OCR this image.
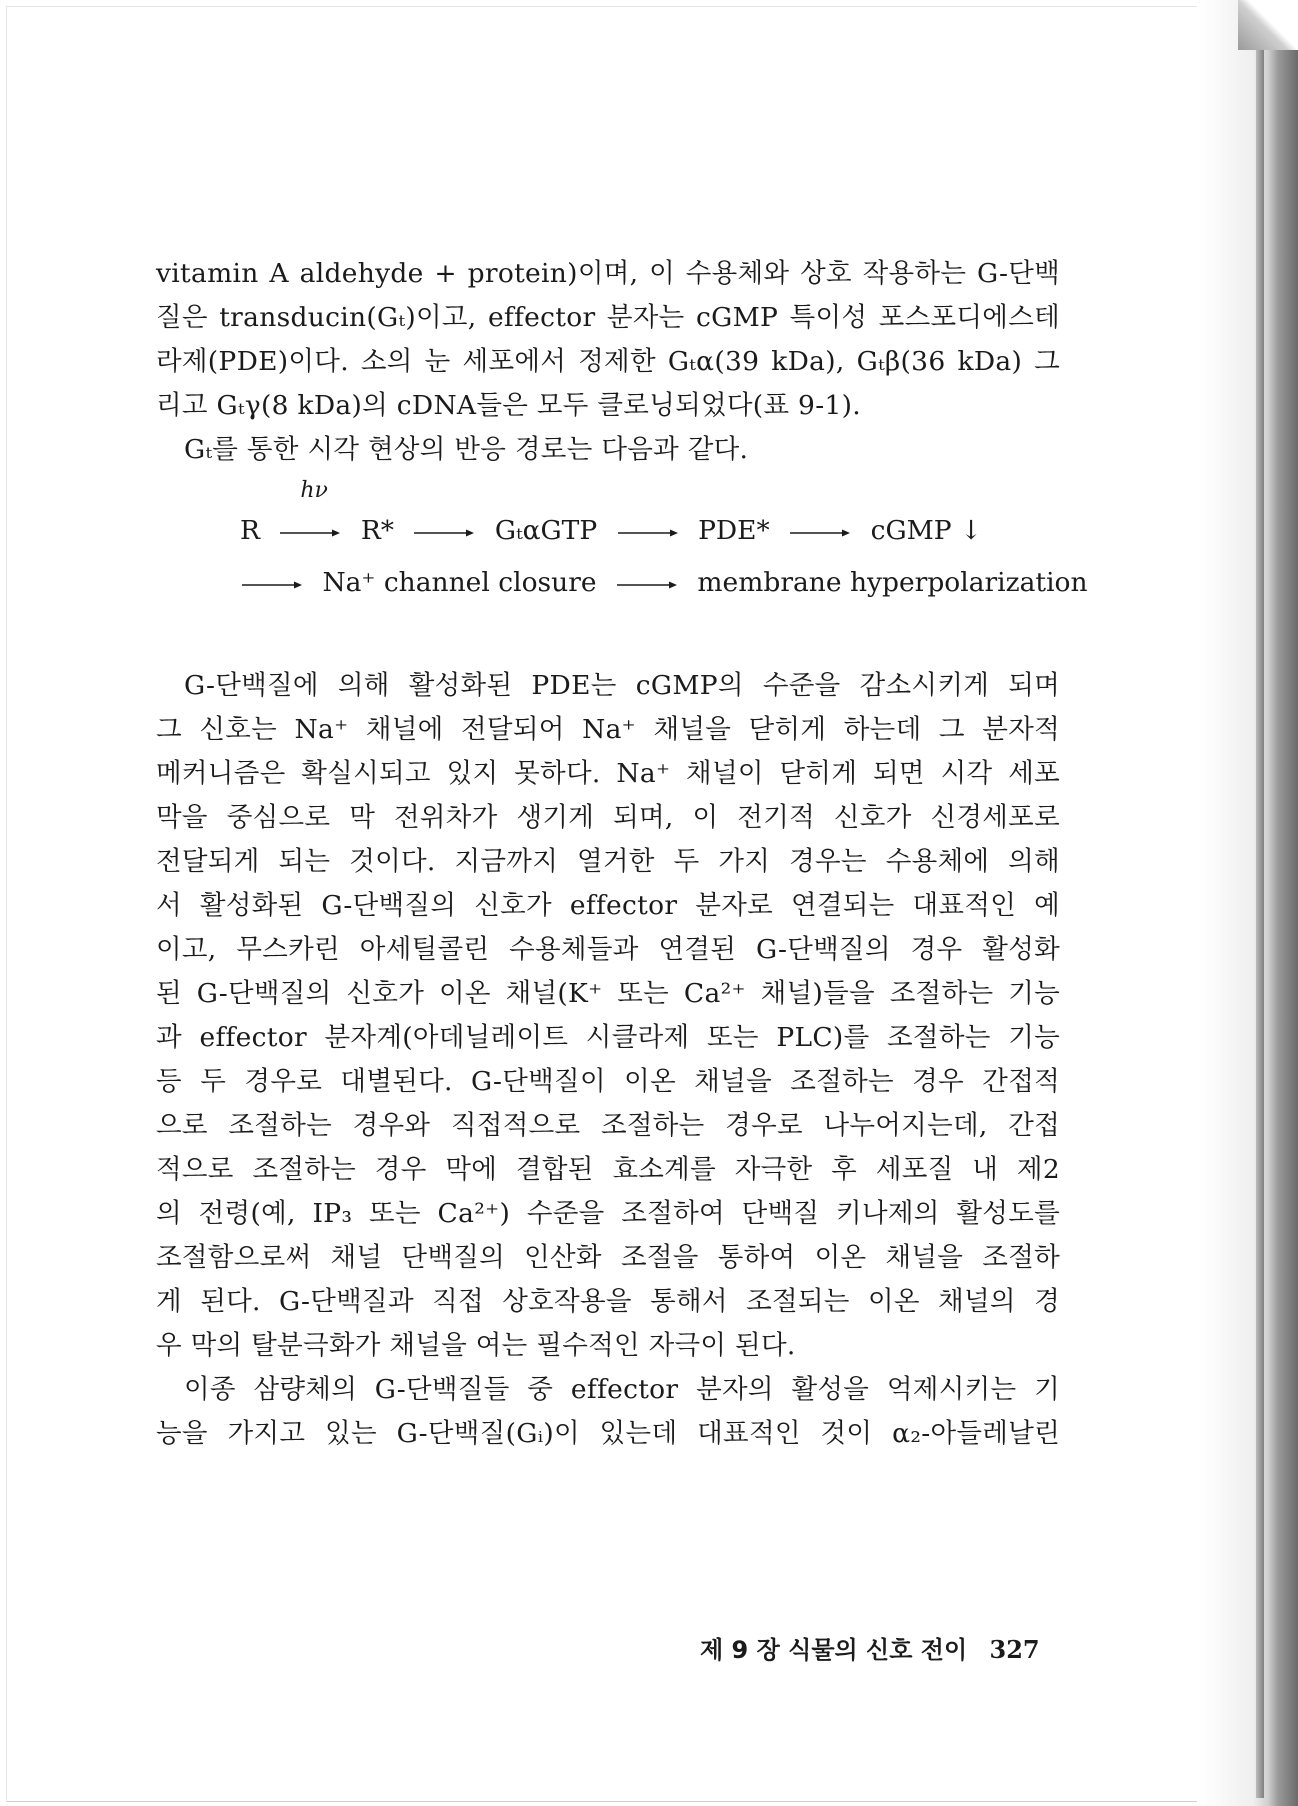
vitamin A aldehyde + protein)이며, 이 수용체와 상호 작용하는 G-단백
질은 transducin(Gₜ)이고, effector 분자는 cGMP 특이성 포스포디에스테
라제(PDE)이다. 소의 눈 세포에서 정제한 Gₜα(39 kDa), Gₜβ(36 kDa) 그
리고 Gₜγ(8 kDa)의 cDNA들은 모두 클로닝되었다(표 9-1).
Gₜ를 통한 시각 현상의 반응 경로는 다음과 같다.
R
hν
R*	GₜαGTP	PDE*	cGMP ↓
Na⁺ channel closure	membrane hyperpolarization
G-단백질에 의해 활성화된 PDE는 cGMP의 수준을 감소시키게 되며
그 신호는 Na⁺ 채널에 전달되어 Na⁺ 채널을 닫히게 하는데 그 분자적
메커니즘은 확실시되고 있지 못하다. Na⁺ 채널이 닫히게 되면 시각 세포
막을 중심으로 막 전위차가 생기게 되며, 이 전기적 신호가 신경세포로
전달되게 되는 것이다. 지금까지 열거한 두 가지 경우는 수용체에 의해
서 활성화된 G-단백질의 신호가 effector 분자로 연결되는 대표적인 예
이고, 무스카린 아세틸콜린 수용체들과 연결된 G-단백질의 경우 활성화
된 G-단백질의 신호가 이온 채널(K⁺ 또는 Ca²⁺ 채널)들을 조절하는 기능
과 effector 분자계(아데닐레이트 시클라제 또는 PLC)를 조절하는 기능
등 두 경우로 대별된다. G-단백질이 이온 채널을 조절하는 경우 간접적
으로 조절하는 경우와 직접적으로 조절하는 경우로 나누어지는데, 간접
적으로 조절하는 경우 막에 결합된 효소계를 자극한 후 세포질 내 제2
의 전령(예, IP₃ 또는 Ca²⁺) 수준을 조절하여 단백질 키나제의 활성도를
조절함으로써 채널 단백질의 인산화 조절을 통하여 이온 채널을 조절하
게 된다. G-단백질과 직접 상호작용을 통해서 조절되는 이온 채널의 경
우 막의 탈분극화가 채널을 여는 필수적인 자극이 된다.
이종 삼량체의 G-단백질들 중 effector 분자의 활성을 억제시키는 기
능을 가지고 있는 G-단백질(Gᵢ)이 있는데 대표적인 것이 α₂-아들레날린
제 9 장 식물의 신호 전이 327
